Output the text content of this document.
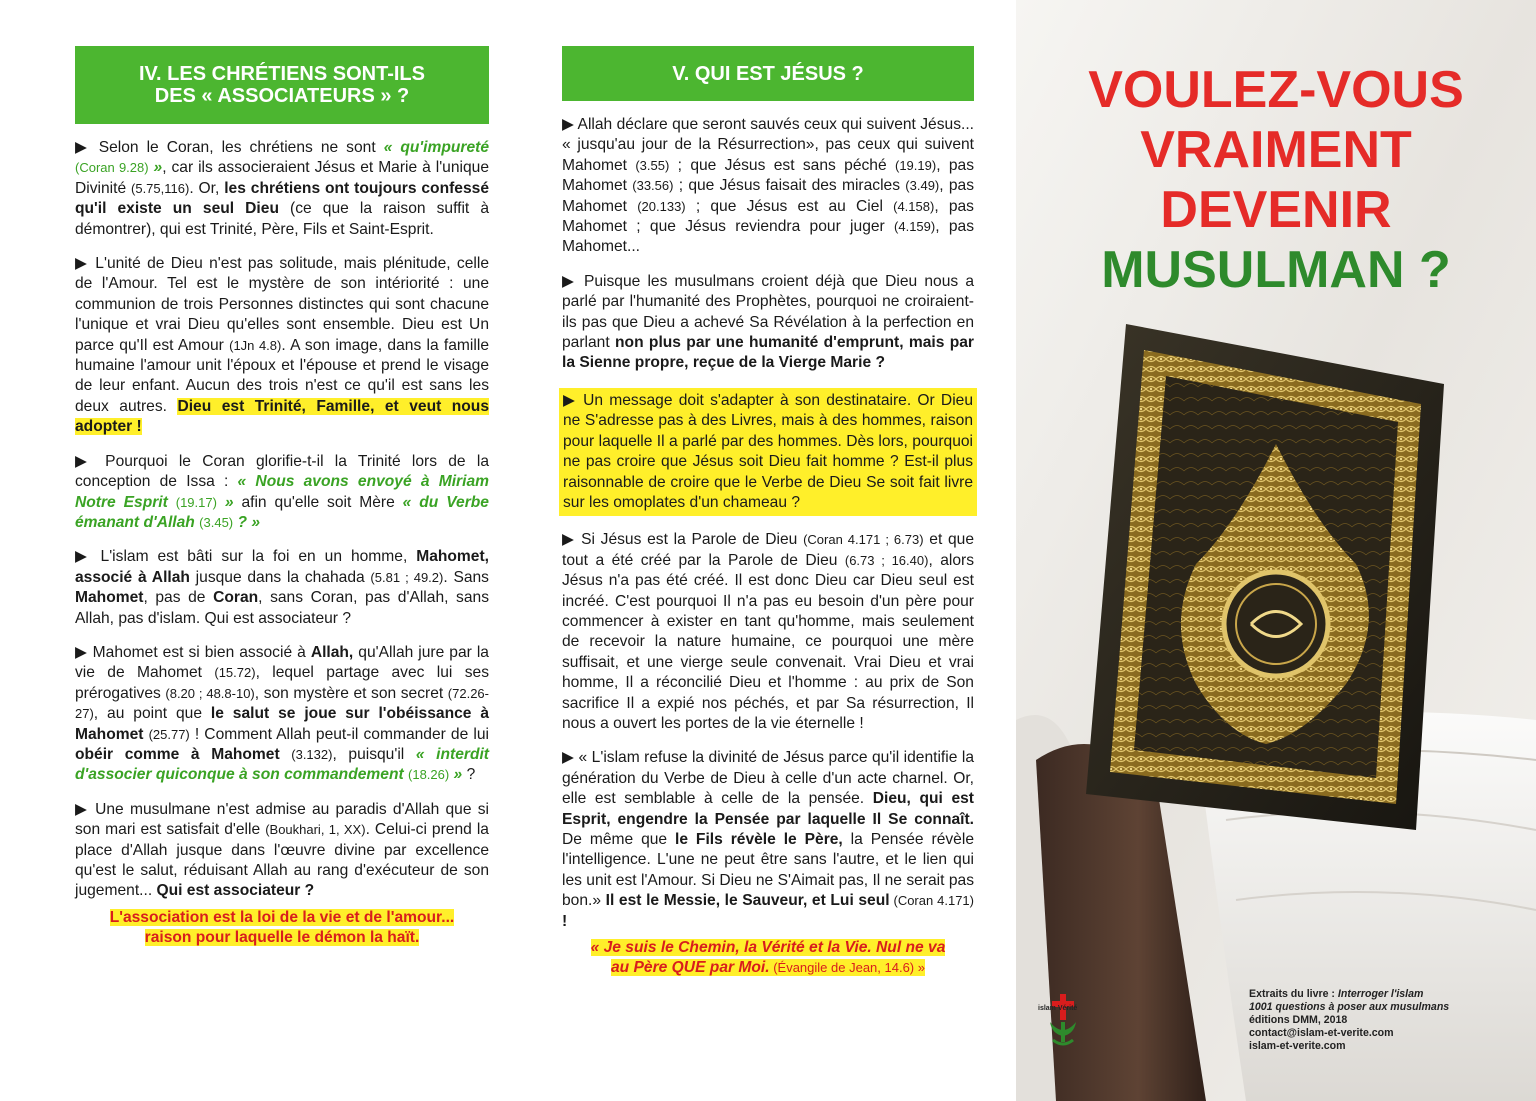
IV. LES CHRÉTIENS SONT-ILS
DES « ASSOCIATEURS » ?

▶ Selon le Coran, les chrétiens ne sont « qu'impureté (Coran 9.28) », car ils associeraient Jésus et Marie à l'unique Divinité (5.75,116). Or, les chrétiens ont toujours confessé qu'il existe un seul Dieu (ce que la raison suffit à démontrer), qui est Trinité, Père, Fils et Saint-Esprit.

▶ L'unité de Dieu n'est pas solitude, mais plénitude, celle de l'Amour. Tel est le mystère de son intériorité : une communion de trois Personnes distinctes qui sont chacune l'unique et vrai Dieu qu'elles sont ensemble. Dieu est Un parce qu'Il est Amour (1Jn 4.8). A son image, dans la famille humaine l'amour unit l'époux et l'épouse et prend le visage de leur enfant. Aucun des trois n'est ce qu'il est sans les deux autres. Dieu est Trinité, Famille, et veut nous adopter !

▶ Pourquoi le Coran glorifie-t-il la Trinité lors de la conception de Issa : « Nous avons envoyé à Miriam Notre Esprit (19.17) » afin qu'elle soit Mère « du Verbe émanant d'Allah (3.45) ? »

▶ L'islam est bâti sur la foi en un homme, Mahomet, associé à Allah jusque dans la chahada (5.81 ; 49.2). Sans Mahomet, pas de Coran, sans Coran, pas d'Allah, sans Allah, pas d'islam. Qui est associateur ?

▶ Mahomet est si bien associé à Allah, qu'Allah jure par la vie de Mahomet (15.72), lequel partage avec lui ses prérogatives (8.20 ; 48.8-10), son mystère et son secret (72.26-27), au point que le salut se joue sur l'obéissance à Mahomet (25.77) ! Comment Allah peut-il commander de lui obéir comme à Mahomet (3.132), puisqu'il « interdit d'associer quiconque à son commandement (18.26) » ?

▶ Une musulmane n'est admise au paradis d'Allah que si son mari est satisfait d'elle (Boukhari, 1, XX). Celui-ci prend la place d'Allah jusque dans l'œuvre divine par excellence qu'est le salut, réduisant Allah au rang d'exécuteur de son jugement... Qui est associateur ?

L'association est la loi de la vie et de l'amour...
raison pour laquelle le démon la haït.
V. QUI EST JÉSUS ?

▶ Allah déclare que seront sauvés ceux qui suivent Jésus... « jusqu'au jour de la Résurrection», pas ceux qui suivent Mahomet (3.55) ; que Jésus est sans péché (19.19), pas Mahomet (33.56) ; que Jésus faisait des miracles (3.49), pas Mahomet (20.133) ; que Jésus est au Ciel (4.158), pas Mahomet ; que Jésus reviendra pour juger (4.159), pas Mahomet...

▶ Puisque les musulmans croient déjà que Dieu nous a parlé par l'humanité des Prophètes, pourquoi ne croiraient-ils pas que Dieu a achevé Sa Révélation à la perfection en parlant non plus par une humanité d'emprunt, mais par la Sienne propre, reçue de la Vierge Marie ?

▶ Un message doit s'adapter à son destinataire. Or Dieu ne S'adresse pas à des Livres, mais à des hommes, raison pour laquelle Il a parlé par des hommes. Dès lors, pourquoi ne pas croire que Jésus soit Dieu fait homme ? Est-il plus raisonnable de croire que le Verbe de Dieu Se soit fait livre sur les omoplates d'un chameau ?

▶ Si Jésus est la Parole de Dieu (Coran 4.171 ; 6.73) et que tout a été créé par la Parole de Dieu (6.73 ; 16.40), alors Jésus n'a pas été créé. Il est donc Dieu car Dieu seul est incréé. C'est pourquoi Il n'a pas eu besoin d'un père pour commencer à exister en tant qu'homme, mais seulement de recevoir la nature humaine, ce pourquoi une mère suffisait, et une vierge seule convenait. Vrai Dieu et vrai homme, Il a réconcilié Dieu et l'homme : au prix de Son sacrifice Il a expié nos péchés, et par Sa résurrection, Il nous a ouvert les portes de la vie éternelle !

▶ « L'islam refuse la divinité de Jésus parce qu'il identifie la génération du Verbe de Dieu à celle d'un acte charnel. Or, elle est semblable à celle de la pensée. Dieu, qui est Esprit, engendre la Pensée par laquelle Il Se connaît. De même que le Fils révèle le Père, la Pensée révèle l'intelligence. L'une ne peut être sans l'autre, et le lien qui les unit est l'Amour. Si Dieu ne S'Aimait pas, Il ne serait pas bon.» Il est le Messie, le Sauveur, et Lui seul (Coran 4.171) !

« Je suis le Chemin, la Vérité et la Vie. Nul ne va
au Père QUE par Moi. (Évangile de Jean, 14.6) »
VOULEZ-VOUS
VRAIMENT
DEVENIR
MUSULMAN ?
islam Vérité
Extraits du livre : Interroger l'islam
1001 questions à poser aux musulmans
éditions DMM, 2018
contact@islam-et-verite.com
islam-et-verite.com
